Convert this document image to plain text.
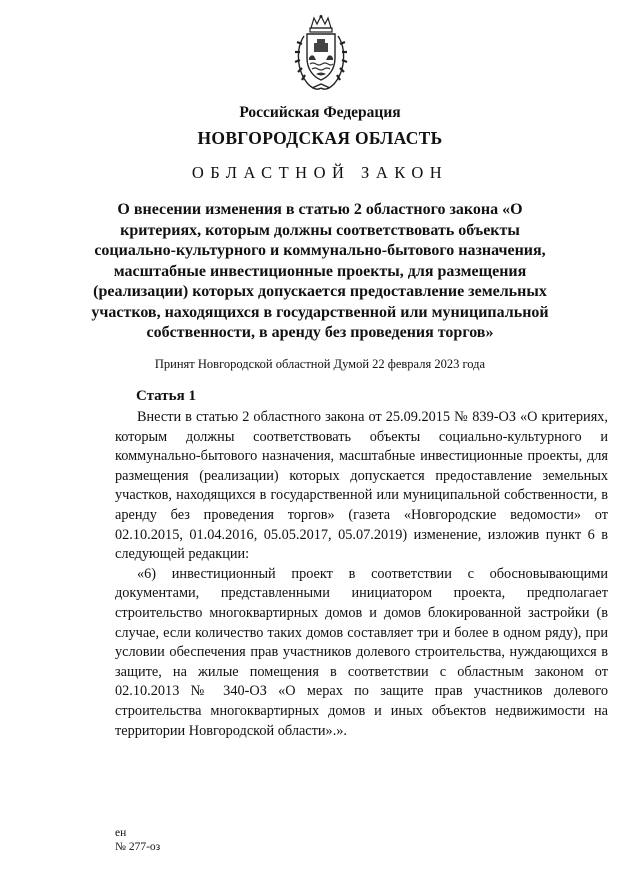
Российская Федерация
НОВГОРОДСКАЯ ОБЛАСТЬ
ОБЛАСТНОЙ ЗАКОН
О внесении изменения в статью 2 областного закона «О критериях, которым должны соответствовать объекты социально-культурного и коммунально-бытового назначения, масштабные инвестиционные проекты, для размещения (реализации) которых допускается предоставление земельных участков, находящихся в государственной или муниципальной собственности, в аренду без проведения торгов»
Принят Новгородской областной Думой 22 февраля 2023 года
Статья 1

Внести в статью 2 областного закона от 25.09.2015 № 839-ОЗ «О критериях, которым должны соответствовать объекты социально-культурного и коммунально-бытового назначения, масштабные инвестиционные проекты, для размещения (реализации) которых допускается предоставление земельных участков, находящихся в государственной или муниципальной собственности, в аренду без проведения торгов» (газета «Новгородские ведомости» от 02.10.2015, 01.04.2016, 05.05.2017, 05.07.2019) изменение, изложив пункт 6 в следующей редакции:

«6) инвестиционный проект в соответствии с обосновывающими документами, представленными инициатором проекта, предполагает строительство многоквартирных домов и домов блокированной застройки (в случае, если количество таких домов составляет три и более в одном ряду), при условии обеспечения прав участников долевого строительства, нуждающихся в защите, на жилые помещения в соответствии с областным законом от 02.10.2013 № 340-ОЗ «О мерах по защите прав участников долевого строительства многоквартирных домов и иных объектов недвижимости на территории Новгородской области».».

ен
№ 277-оз
